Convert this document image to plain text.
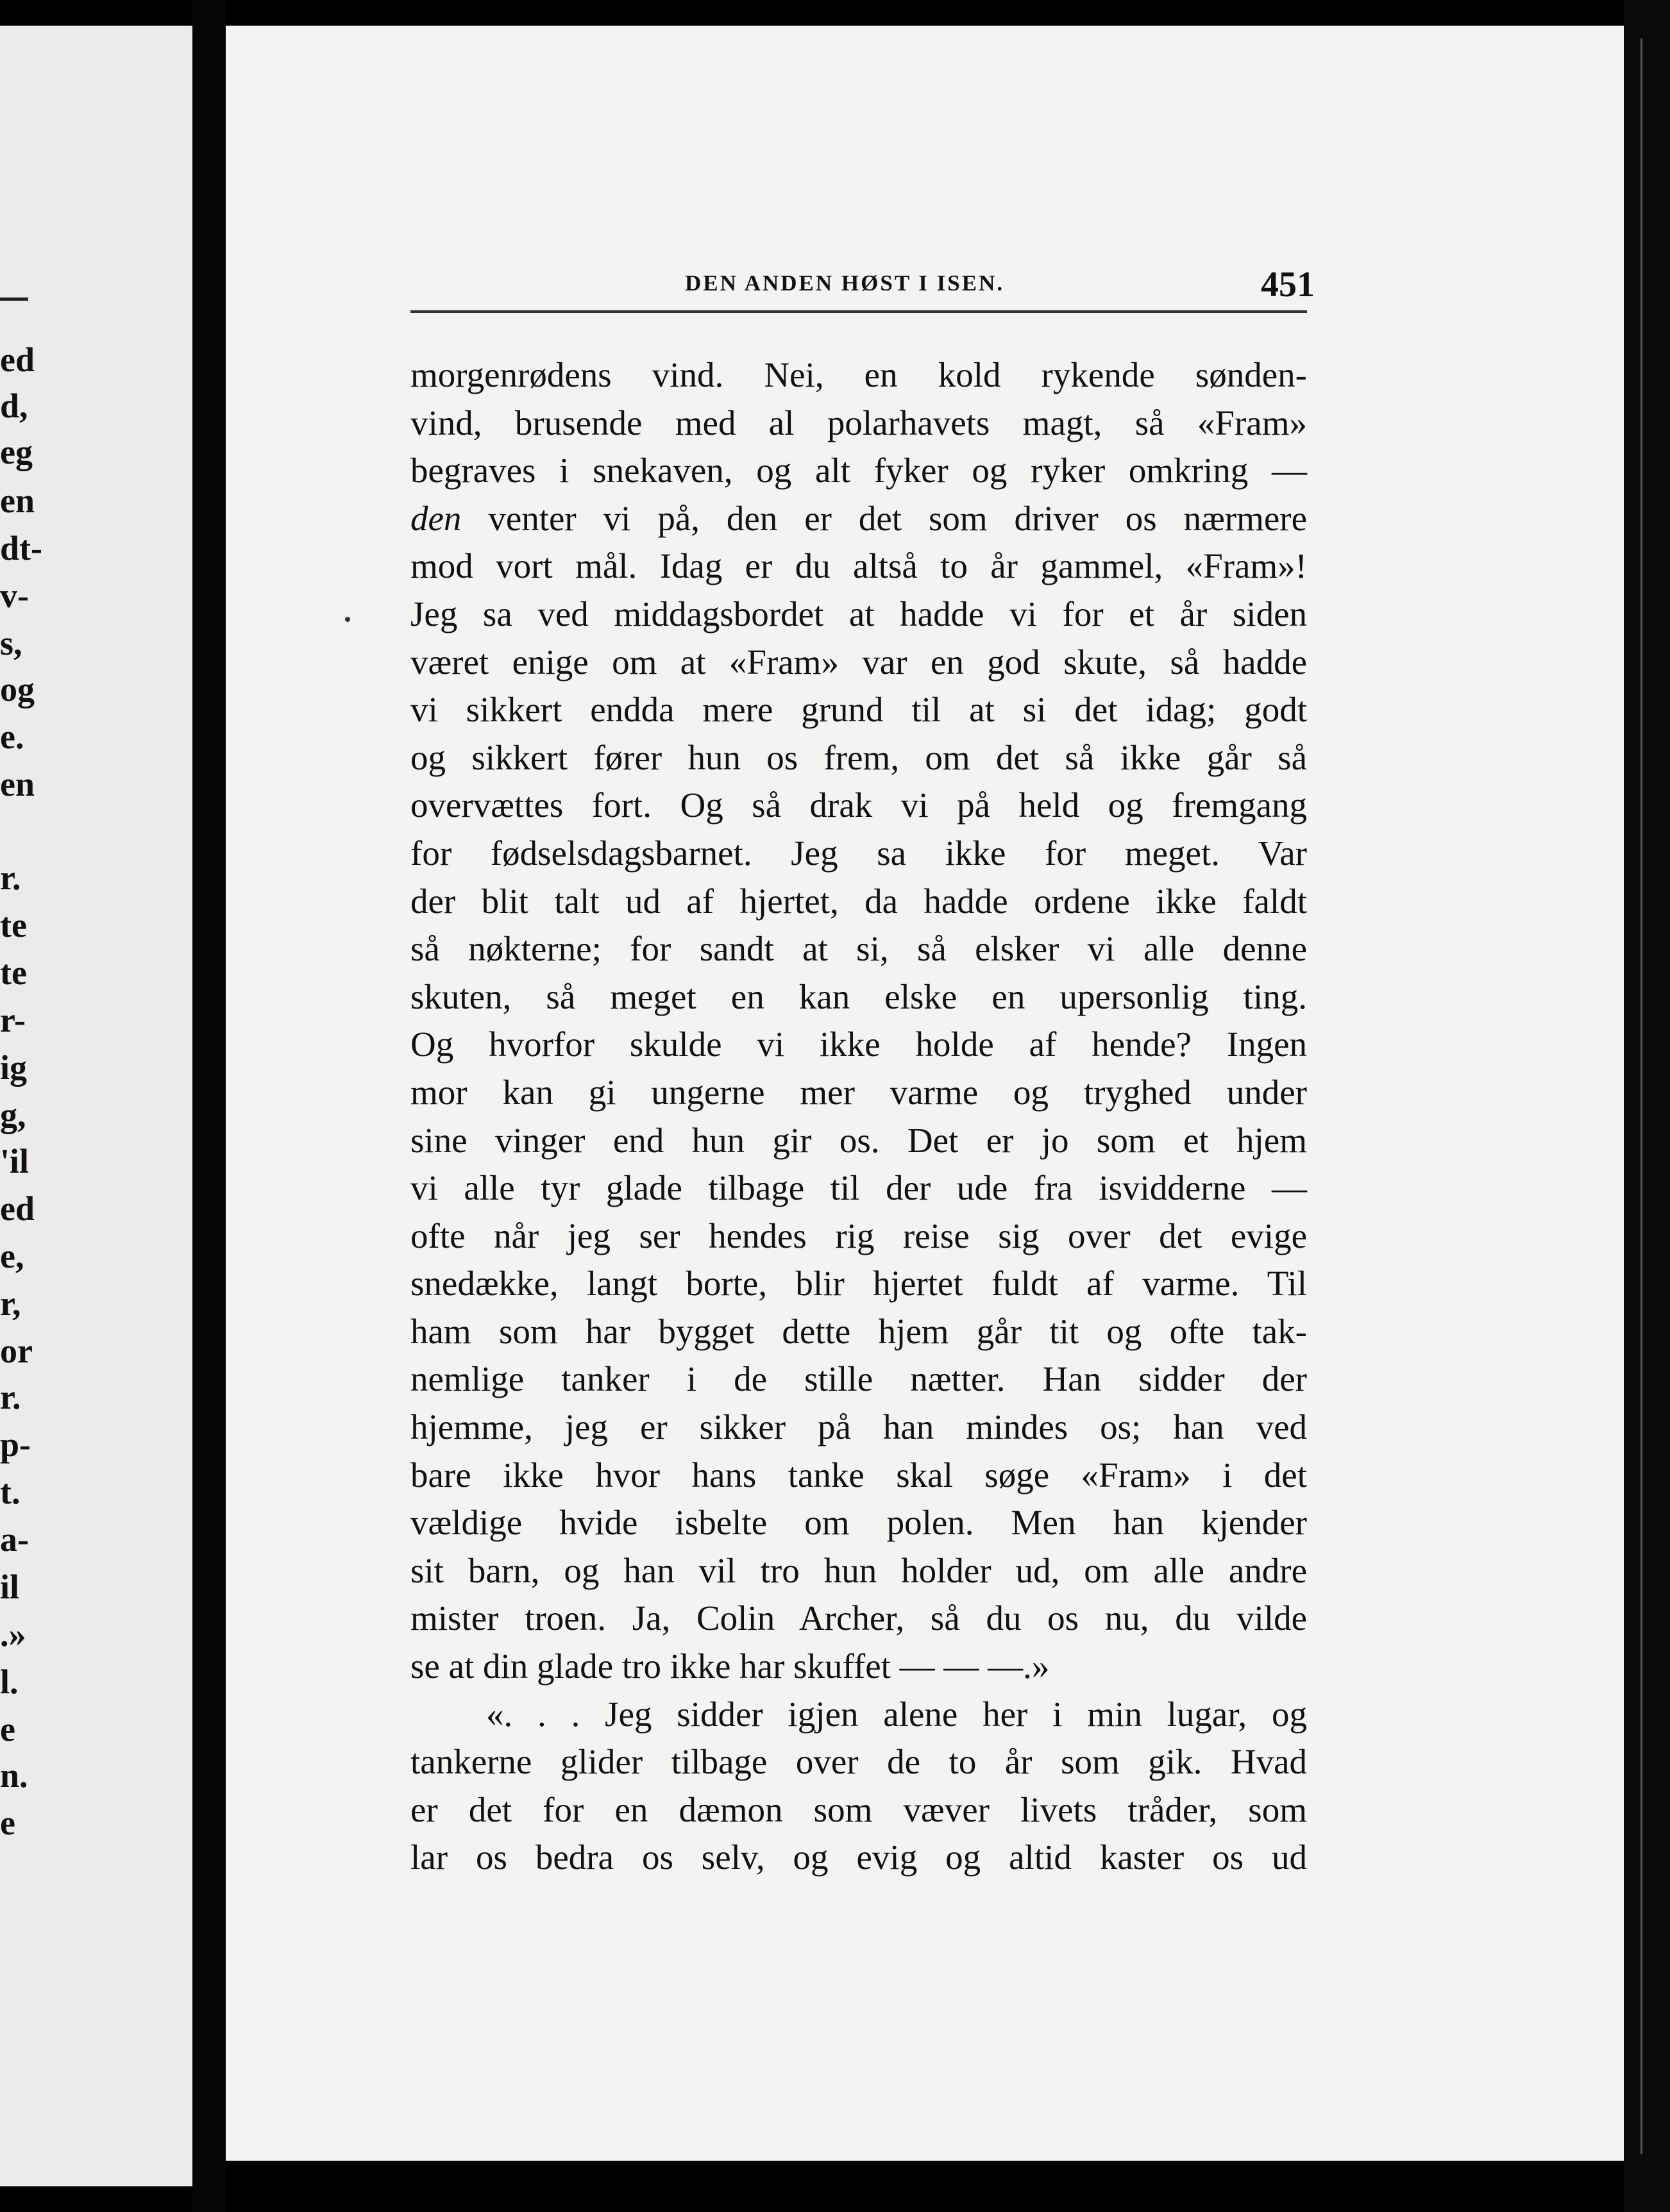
ed
d,
eg
en
dt-
v-
s,
og
e.
en
r.
te
te
r-
ig
g,
'il
ed
e,
r,
or
r.
p-
t.
a-
il
.»
l.
e
n.
e
DEN ANDEN HØST I ISEN.	451
morgenrødens vind. Nei, en kold rykende sønden-
vind, brusende med al polarhavets magt, så «Fram»
begraves i snekaven, og alt fyker og ryker omkring —
den venter vi på, den er det som driver os nærmere
mod vort mål. Idag er du altså to år gammel, «Fram»!
Jeg sa ved middagsbordet at hadde vi for et år siden
været enige om at «Fram» var en god skute, så hadde
vi sikkert endda mere grund til at si det idag; godt
og sikkert fører hun os frem, om det så ikke går så
overvættes fort. Og så drak vi på held og fremgang
for fødselsdagsbarnet. Jeg sa ikke for meget. Var
der blit talt ud af hjertet, da hadde ordene ikke faldt
så nøkterne; for sandt at si, så elsker vi alle denne
skuten, så meget en kan elske en upersonlig ting.
Og hvorfor skulde vi ikke holde af hende? Ingen
mor kan gi ungerne mer varme og tryghed under
sine vinger end hun gir os. Det er jo som et hjem
vi alle tyr glade tilbage til der ude fra isvidderne —
ofte når jeg ser hendes rig reise sig over det evige
snedække, langt borte, blir hjertet fuldt af varme. Til
ham som har bygget dette hjem går tit og ofte tak-
nemlige tanker i de stille nætter. Han sidder der
hjemme, jeg er sikker på han mindes os; han ved
bare ikke hvor hans tanke skal søge «Fram» i det
vældige hvide isbelte om polen. Men han kjender
sit barn, og han vil tro hun holder ud, om alle andre
mister troen. Ja, Colin Archer, så du os nu, du vilde
se at din glade tro ikke har skuffet — — —.»
«. . . Jeg sidder igjen alene her i min lugar, og
tankerne glider tilbage over de to år som gik. Hvad
er det for en dæmon som væver livets tråder, som
lar os bedra os selv, og evig og altid kaster os ud
